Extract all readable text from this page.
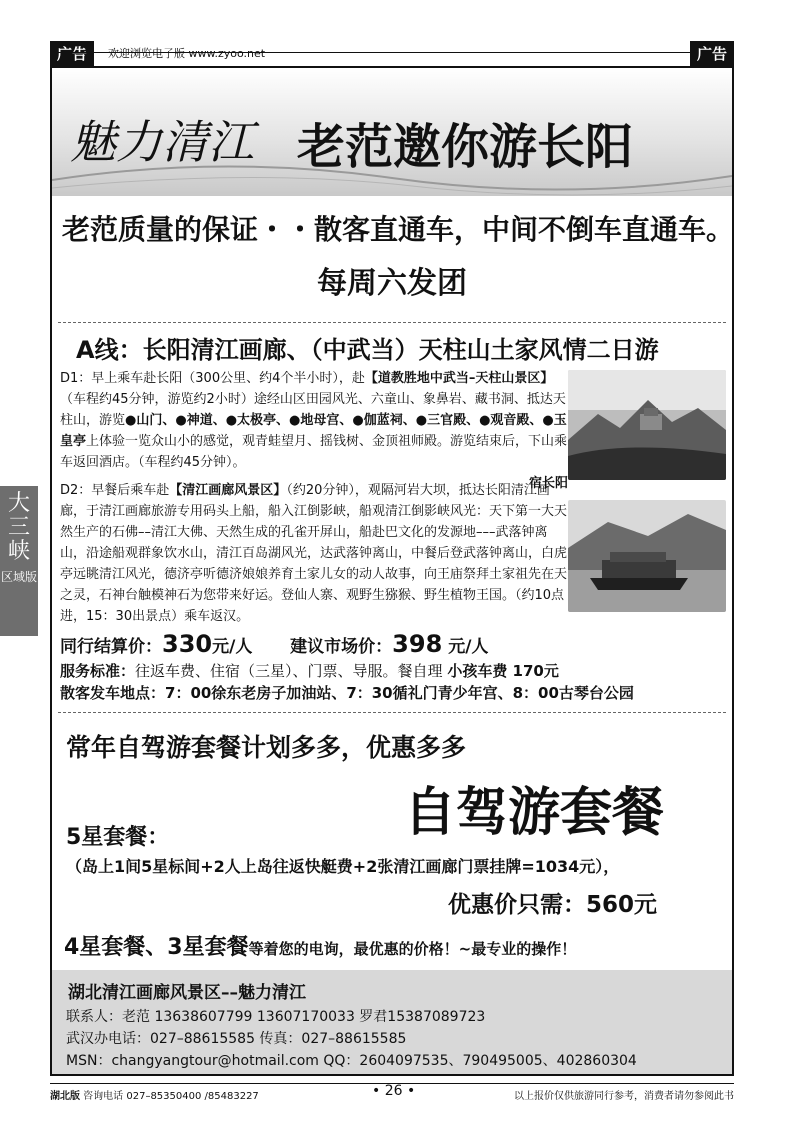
广告	欢迎浏览电子版 www.zyoo.net	广告
大三峡
区域版
魅力清江 老范邀你游长阳
老范质量的保证・・散客直通车，中间不倒车直通车。
每周六发团
A线：长阳清江画廊、（中武当）天柱山土家风情二日游
D1：早上乘车赴长阳（300公里、约4个半小时），赴【道教胜地中武当–天柱山景区】（车程约45分钟，游览约2小时）途经山区田园风光、六童山、象鼻岩、藏书洞、抵达天柱山，游览●山门、●神道、●太极亭、●地母宫、●伽蓝祠、●三官殿、●观音殿、●玉皇亭上体验一览众山小的感觉，观青蛙望月、摇钱树、金顶祖师殿。游览结束后，下山乘车返回酒店。（车程约45分钟）。
宿长阳
D2：早餐后乘车赴【清江画廊风景区】（约20分钟），观隔河岩大坝，抵达长阳清江画廊，于清江画廊旅游专用码头上船，船入江倒影峡，船观清江倒影峡风光：天下第一大天然生产的石佛––清江大佛、天然生成的孔雀开屏山，船赴巴文化的发源地–––武落钟离山，沿途船观群象饮水山，清江百岛湖风光，达武落钟离山，中餐后登武落钟离山，白虎亭远眺清江风光，德济亭听德济娘娘养育土家儿女的动人故事，向王庙祭拜土家祖先在天之灵，石神台触模神石为您带来好运。登仙人寨、观野生猕猴、野生植物王国。（约10点进，15：30出景点）乘车返汉。
同行结算价：330元/人 建议市场价：398 元/人
服务标准：往返车费、住宿（三星）、门票、导服。餐自理 小孩车费 170元
散客发车地点：7：00徐东老房子加油站、7：30循礼门青少年宫、8：00古琴台公园
常年自驾游套餐计划多多，优惠多多
自驾游套餐
5星套餐：
（岛上1间5星标间+2人上岛往返快艇费+2张清江画廊门票挂牌=1034元），
优惠价只需：560元
4星套餐、3星套餐等着您的电询，最优惠的价格！~最专业的操作！
湖北清江画廊风景区––魅力清江
联系人：老范 13638607799 13607170033 罗君15387089723
武汉办电话：027–88615585 传真：027–88615585
MSN：changyangtour@hotmail.com QQ：2604097535、790495005、402860304
湖北版 咨询电话 027–85350400 /85483227	• 26 •	以上报价仅供旅游同行参考，消费者请勿参阅此书
